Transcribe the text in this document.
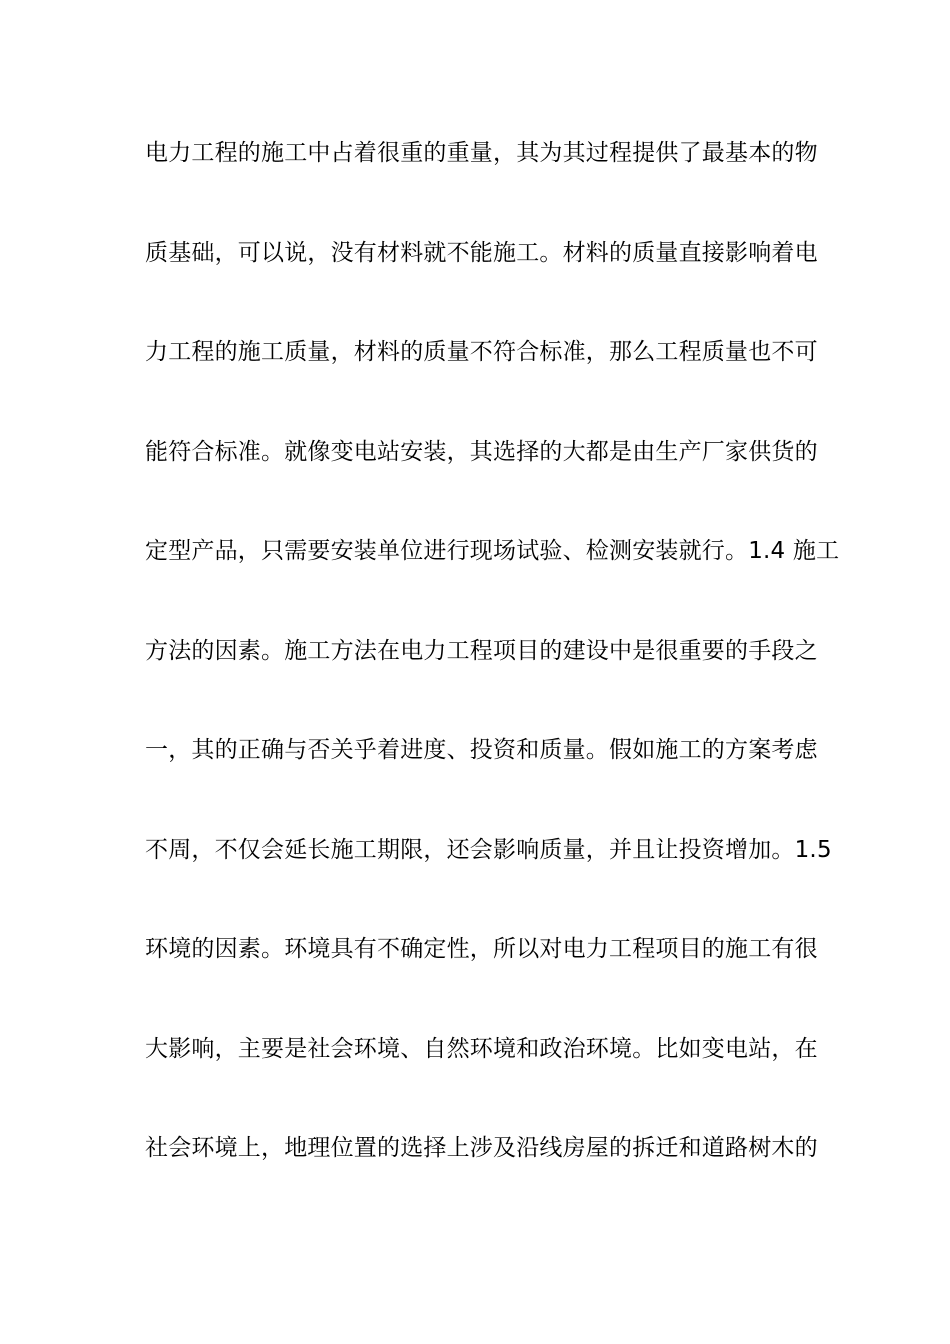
电力工程的施工中占着很重的重量，其为其过程提供了最基本的物
质基础，可以说，没有材料就不能施工。材料的质量直接影响着电
力工程的施工质量，材料的质量不符合标准，那么工程质量也不可
能符合标准。就像变电站安装，其选择的大都是由生产厂家供货的
定型产品，只需要安装单位进行现场试验、检测安装就行。1.4 施工
方法的因素。施工方法在电力工程项目的建设中是很重要的手段之
一，其的正确与否关乎着进度、投资和质量。假如施工的方案考虑
不周，不仅会延长施工期限，还会影响质量，并且让投资增加。1.5
环境的因素。环境具有不确定性，所以对电力工程项目的施工有很
大影响，主要是社会环境、自然环境和政治环境。比如变电站，在
社会环境上，地理位置的选择上涉及沿线房屋的拆迁和道路树木的
